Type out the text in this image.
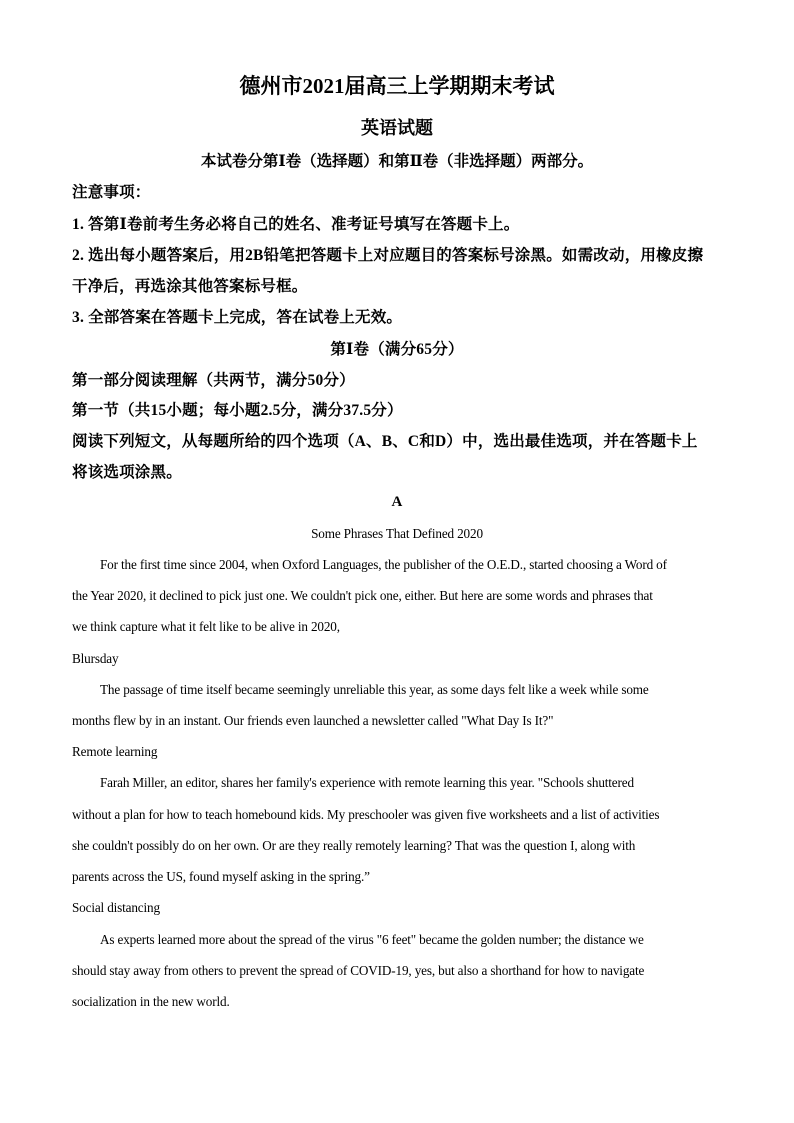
德州市2021届高三上学期期末考试
英语试题
本试卷分第Ⅰ卷（选择题）和第Ⅱ卷（非选择题）两部分。
注意事项：
1. 答第Ⅰ卷前考生务必将自己的姓名、准考证号填写在答题卡上。
2. 选出每小题答案后，用2B铅笔把答题卡上对应题目的答案标号涂黑。如需改动，用橡皮擦
干净后，再选涂其他答案标号框。
3. 全部答案在答题卡上完成，答在试卷上无效。
第Ⅰ卷（满分65分）
第一部分阅读理解（共两节，满分50分）
第一节（共15小题；每小题2.5分，满分37.5分）
阅读下列短文，从每题所给的四个选项（A、B、C和D）中，选出最佳选项，并在答题卡上
将该选项涂黑。
A
Some Phrases That Defined 2020
For the first time since 2004, when Oxford Languages, the publisher of the O.E.D., started choosing a Word of
the Year 2020, it declined to pick just one. We couldn't pick one, either. But here are some words and phrases that
we think capture what it felt like to be alive in 2020,
Blursday
The passage of time itself became seemingly unreliable this year, as some days felt like a week while some
months flew by in an instant. Our friends even launched a newsletter called "What Day Is It?"
Remote learning
Farah Miller, an editor, shares her family's experience with remote learning this year. "Schools shuttered
without a plan for how to teach homebound kids. My preschooler was given five worksheets and a list of activities
she couldn't possibly do on her own. Or are they really remotely learning? That was the question I, along with
parents across the US, found myself asking in the spring.”
Social distancing
As experts learned more about the spread of the virus "6 feet" became the golden number; the distance we
should stay away from others to prevent the spread of COVID-19, yes, but also a shorthand for how to navigate
socialization in the new world.
